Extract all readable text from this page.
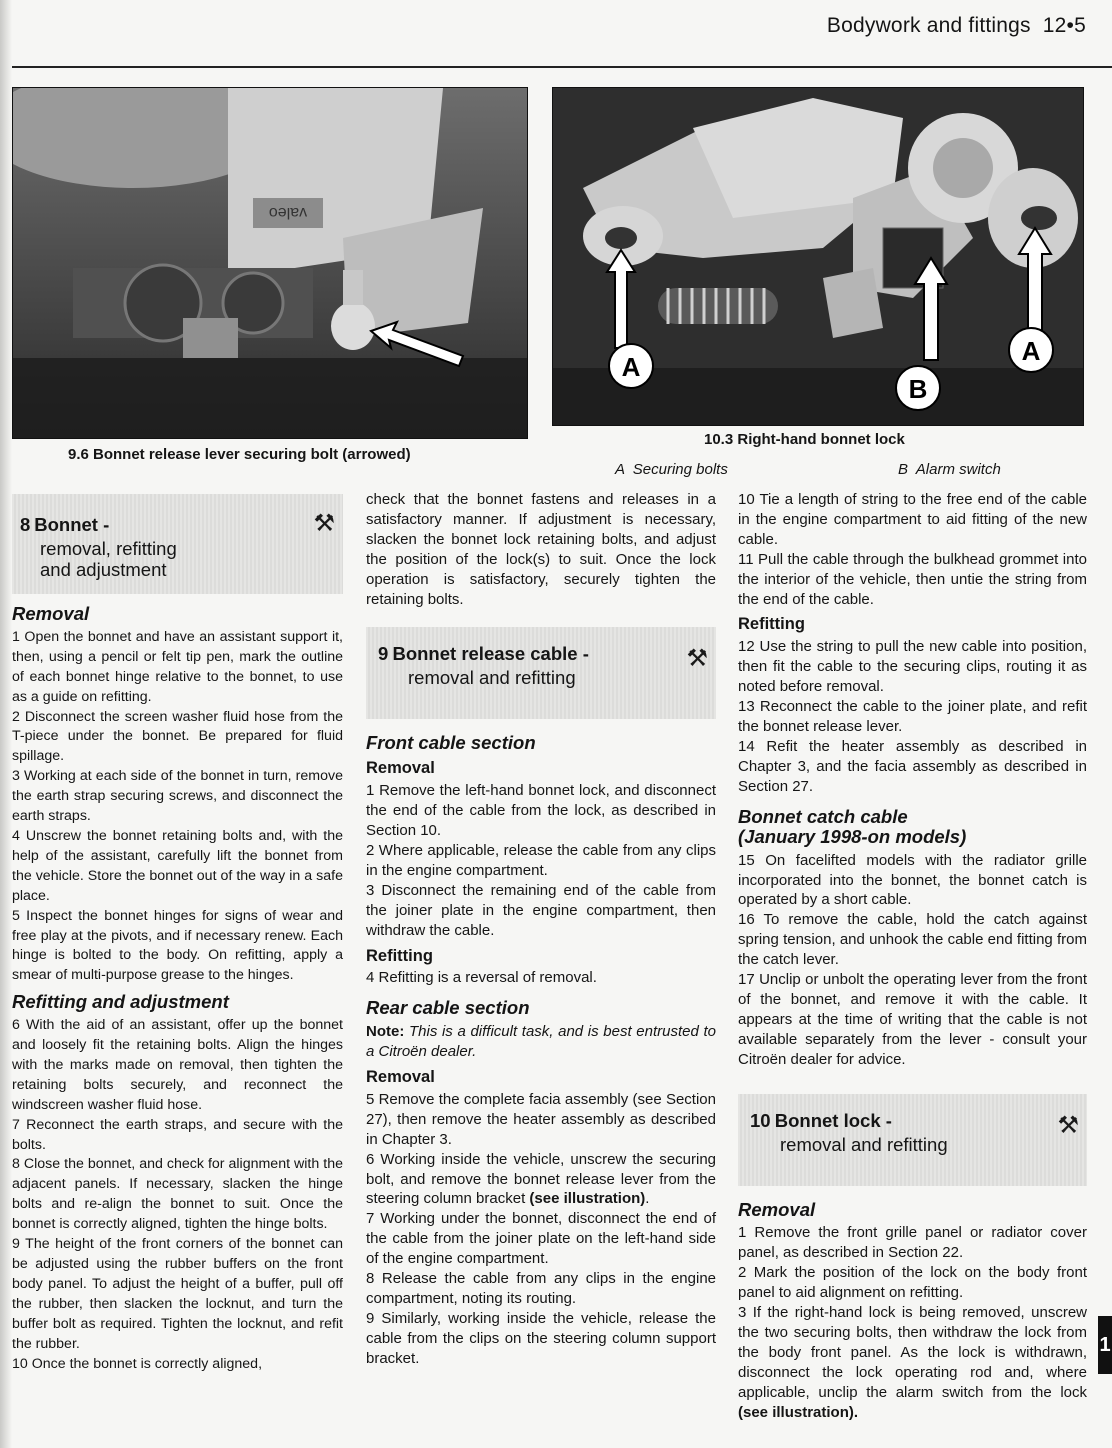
Bodywork and fittings 12•5
valeo
9.6 Bonnet release lever securing bolt (arrowed)
A
B
A
10.3 Right-hand bonnet lock
A  Securing bolts	B  Alarm switch
8 Bonnet -
removal, refitting
and adjustment
⚒
Removal

1 Open the bonnet and have an assistant support it, then, using a pencil or felt tip pen, mark the outline of each bonnet hinge relative to the bonnet, to use as a guide on refitting.

2 Disconnect the screen washer fluid hose from the T-piece under the bonnet. Be prepared for fluid spillage.

3 Working at each side of the bonnet in turn, remove the earth strap securing screws, and disconnect the earth straps.

4 Unscrew the bonnet retaining bolts and, with the help of the assistant, carefully lift the bonnet from the vehicle. Store the bonnet out of the way in a safe place.

5 Inspect the bonnet hinges for signs of wear and free play at the pivots, and if necessary renew. Each hinge is bolted to the body. On refitting, apply a smear of multi-purpose grease to the hinges.

Refitting and adjustment

6 With the aid of an assistant, offer up the bonnet and loosely fit the retaining bolts. Align the hinges with the marks made on removal, then tighten the retaining bolts securely, and reconnect the windscreen washer fluid hose.

7 Reconnect the earth straps, and secure with the bolts.

8 Close the bonnet, and check for alignment with the adjacent panels. If necessary, slacken the hinge bolts and re-align the bonnet to suit. Once the bonnet is correctly aligned, tighten the hinge bolts.

9 The height of the front corners of the bonnet can be adjusted using the rubber buffers on the front body panel. To adjust the height of a buffer, pull off the rubber, then slacken the locknut, and turn the buffer bolt as required. Tighten the locknut, and refit the rubber.

10 Once the bonnet is correctly aligned,

check that the bonnet fastens and releases in a satisfactory manner. If adjustment is necessary, slacken the bonnet lock retaining bolts, and adjust the position of the lock(s) to suit. Once the lock operation is satisfactory, securely tighten the retaining bolts.

9 Bonnet release cable -
removal and refitting
⚒
Front cable section
Removal

1 Remove the left-hand bonnet lock, and disconnect the end of the cable from the lock, as described in Section 10.

2 Where applicable, release the cable from any clips in the engine compartment.

3 Disconnect the remaining end of the cable from the joiner plate in the engine compartment, then withdraw the cable.

Refitting

4 Refitting is a reversal of removal.

Rear cable section

Note: This is a difficult task, and is best entrusted to a Citroën dealer.

Removal

5 Remove the complete facia assembly (see Section 27), then remove the heater assembly as described in Chapter 3.

6 Working inside the vehicle, unscrew the securing bolt, and remove the bonnet release lever from the steering column bracket (see illustration).

7 Working under the bonnet, disconnect the end of the cable from the joiner plate on the left-hand side of the engine compartment.

8 Release the cable from any clips in the engine compartment, noting its routing.

9 Similarly, working inside the vehicle, release the cable from the clips on the steering column support bracket.

10 Tie a length of string to the free end of the cable in the engine compartment to aid fitting of the new cable.

11 Pull the cable through the bulkhead grommet into the interior of the vehicle, then untie the string from the end of the cable.

Refitting

12 Use the string to pull the new cable into position, then fit the cable to the securing clips, routing it as noted before removal.

13 Reconnect the cable to the joiner plate, and refit the bonnet release lever.

14 Refit the heater assembly as described in Chapter 3, and the facia assembly as described in Section 27.

Bonnet catch cable
(January 1998-on models)

15 On facelifted models with the radiator grille incorporated into the bonnet, the bonnet catch is operated by a short cable.

16 To remove the cable, hold the catch against spring tension, and unhook the cable end fitting from the catch lever.

17 Unclip or unbolt the operating lever from the front of the bonnet, and remove it with the cable. It appears at the time of writing that the cable is not available separately from the lever - consult your Citroën dealer for advice.

10 Bonnet lock -
removal and refitting
⚒
Removal

1 Remove the front grille panel or radiator cover panel, as described in Section 22.

2 Mark the position of the lock on the body front panel to aid alignment on refitting.

3 If the right-hand lock is being removed, unscrew the two securing bolts, then withdraw the lock from the body front panel. As the lock is withdrawn, disconnect the lock operating rod and, where applicable, unclip the alarm switch from the lock (see illustration).

1
